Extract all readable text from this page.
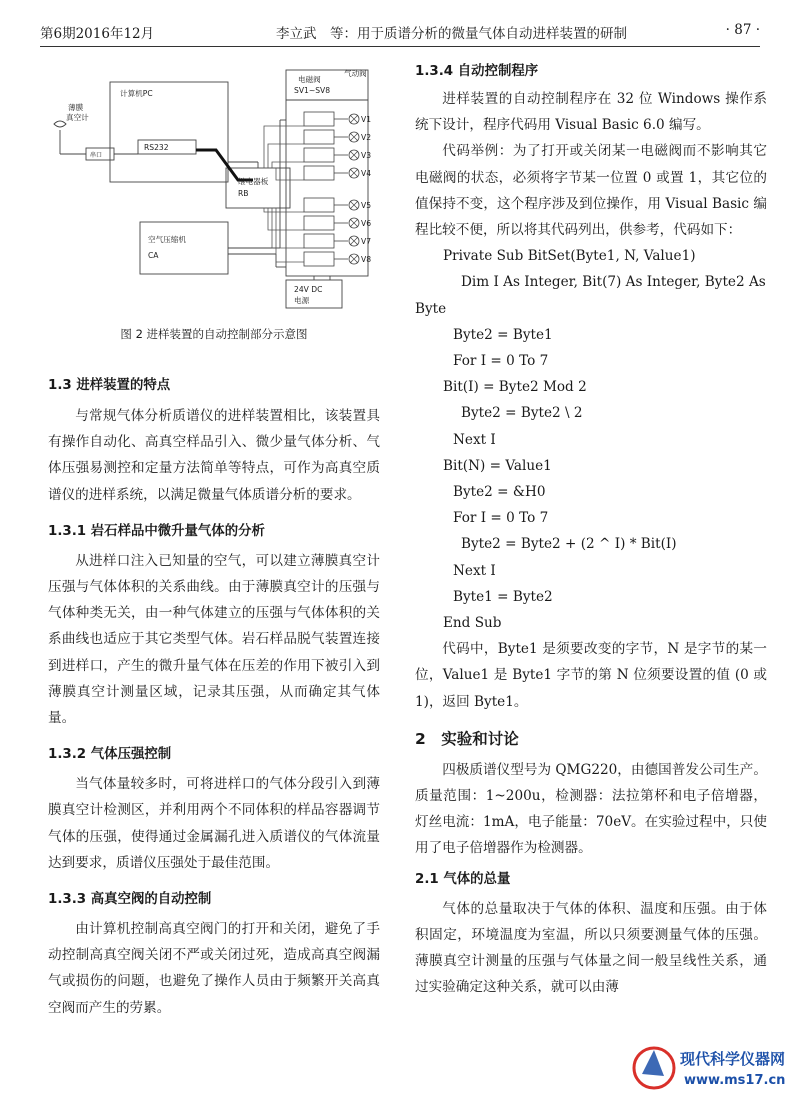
第6期2016年12月	李立武　等：用于质谱分析的微量气体自动进样装置的研制	· 87 ·
V1
V2
V3
V4
V5
V6
V7
V8
薄膜
真空计
计算机PC
RS232
串口
继电器板
RB
电磁阀
SV1~SV8
气动阀
空气压缩机
CA
24V DC
电源
图 2 进样装置的自动控制部分示意图
1.3 进样装置的特点

与常规气体分析质谱仪的进样装置相比，该装置具有操作自动化、高真空样品引入、微少量气体分析、气体压强易测控和定量方法简单等特点，可作为高真空质谱仪的进样系统，以满足微量气体质谱分析的要求。

1.3.1 岩石样品中微升量气体的分析

从进样口注入已知量的空气，可以建立薄膜真空计压强与气体体积的关系曲线。由于薄膜真空计的压强与气体种类无关，由一种气体建立的压强与气体体积的关系曲线也适应于其它类型气体。岩石样品脱气装置连接到进样口，产生的微升量气体在压差的作用下被引入到薄膜真空计测量区域，记录其压强，从而确定其气体量。

1.3.2 气体压强控制

当气体量较多时，可将进样口的气体分段引入到薄膜真空计检测区，并利用两个不同体积的样品容器调节气体的压强，使得通过金属漏孔进入质谱仪的气体流量达到要求，质谱仪压强处于最佳范围。

1.3.3 高真空阀的自动控制

由计算机控制高真空阀门的打开和关闭，避免了手动控制高真空阀关闭不严或关闭过死，造成高真空阀漏气或损伤的问题，也避免了操作人员由于频繁开关高真空阀而产生的劳累。

1.3.4 自动控制程序

进样装置的自动控制程序在 32 位 Windows 操作系统下设计，程序代码用 Visual Basic 6.0 编写。

代码举例：为了打开或关闭某一电磁阀而不影响其它电磁阀的状态，必须将字节某一位置 0 或置 1，其它位的值保持不变，这个程序涉及到位操作，用 Visual Basic 编程比较不便，所以将其代码列出，供参考，代码如下：

Private Sub BitSet(Byte1, N, Value1)
Dim I As Integer, Bit(7) As Integer, Byte2 As
Byte
Byte2 = Byte1
For I = 0 To 7
Bit(I) = Byte2 Mod 2
Byte2 = Byte2 \ 2
Next I
Bit(N) = Value1
Byte2 = &H0
For I = 0 To 7
Byte2 = Byte2 + (2 ^ I) * Bit(I)
Next I
Byte1 = Byte2
End Sub

代码中，Byte1 是须要改变的字节，N 是字节的某一位，Value1 是 Byte1 字节的第 N 位须要设置的值 (0 或 1)，返回 Byte1。

2　实验和讨论

四极质谱仪型号为 QMG220，由德国普发公司生产。质量范围：1~200u，检测器：法拉第杯和电子倍增器，灯丝电流：1mA，电子能量：70eV。在实验过程中，只使用了电子倍增器作为检测器。

2.1 气体的总量

气体的总量取决于气体的体积、温度和压强。由于体积固定，环境温度为室温，所以只须要测量气体的压强。薄膜真空计测量的压强与气体量之间一般呈线性关系，通过实验确定这种关系，就可以由薄

现代科学仪器网
www.ms17.cn
